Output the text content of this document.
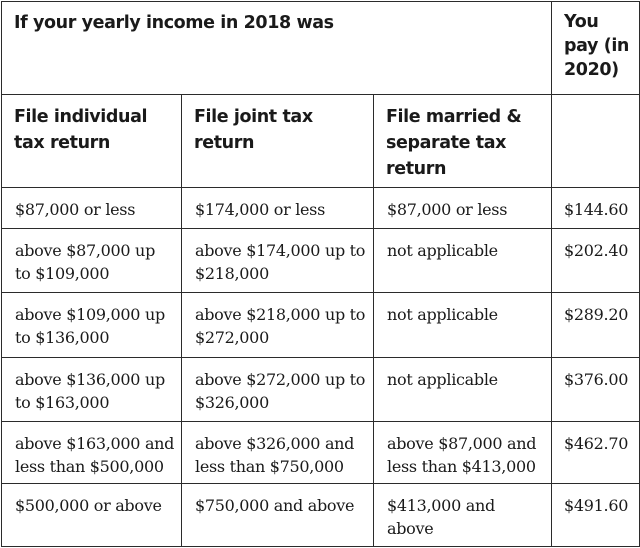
If your yearly income in 2018 was			You pay (in 2020)
File individual tax return	File joint tax return	File married & separate tax return	
$87,000 or less	$174,000 or less	$87,000 or less	$144.60
above $87,000 up to $109,000	above $174,000 up to $218,000	not applicable	$202.40
above $109,000 up to $136,000	above $218,000 up to $272,000	not applicable	$289.20
above $136,000 up to $163,000	above $272,000 up to $326,000	not applicable	$376.00
above $163,000 and less than $500,000	above $326,000 and less than $750,000	above $87,000 and less than $413,000	$462.70
$500,000 or above	$750,000 and above	$413,000 and above	$491.60
